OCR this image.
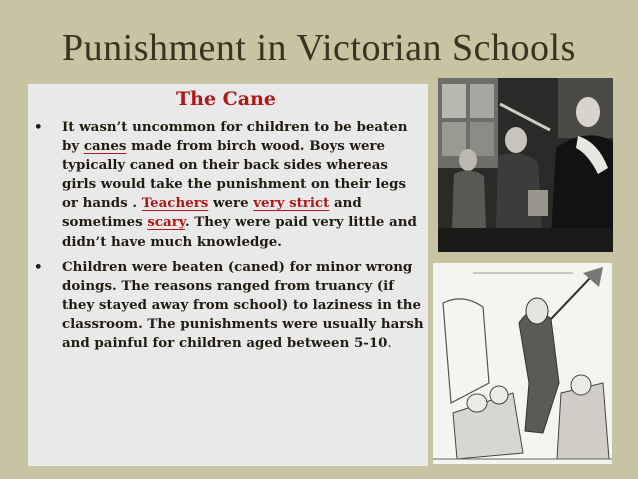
Punishment in Victorian Schools
The Cane
• It wasn’t uncommon for children to be beaten by canes made from birch wood. Boys were typically caned on their back sides whereas girls would take the punishment on their legs or hands . Teachers were very strict and sometimes scary. They were paid very little and didn’t have much knowledge.
• Children were beaten (caned) for minor wrong doings. The reasons ranged from truancy (if they stayed away from school) to laziness in the classroom. The punishments were usually harsh and painful for children aged between 5-10.
